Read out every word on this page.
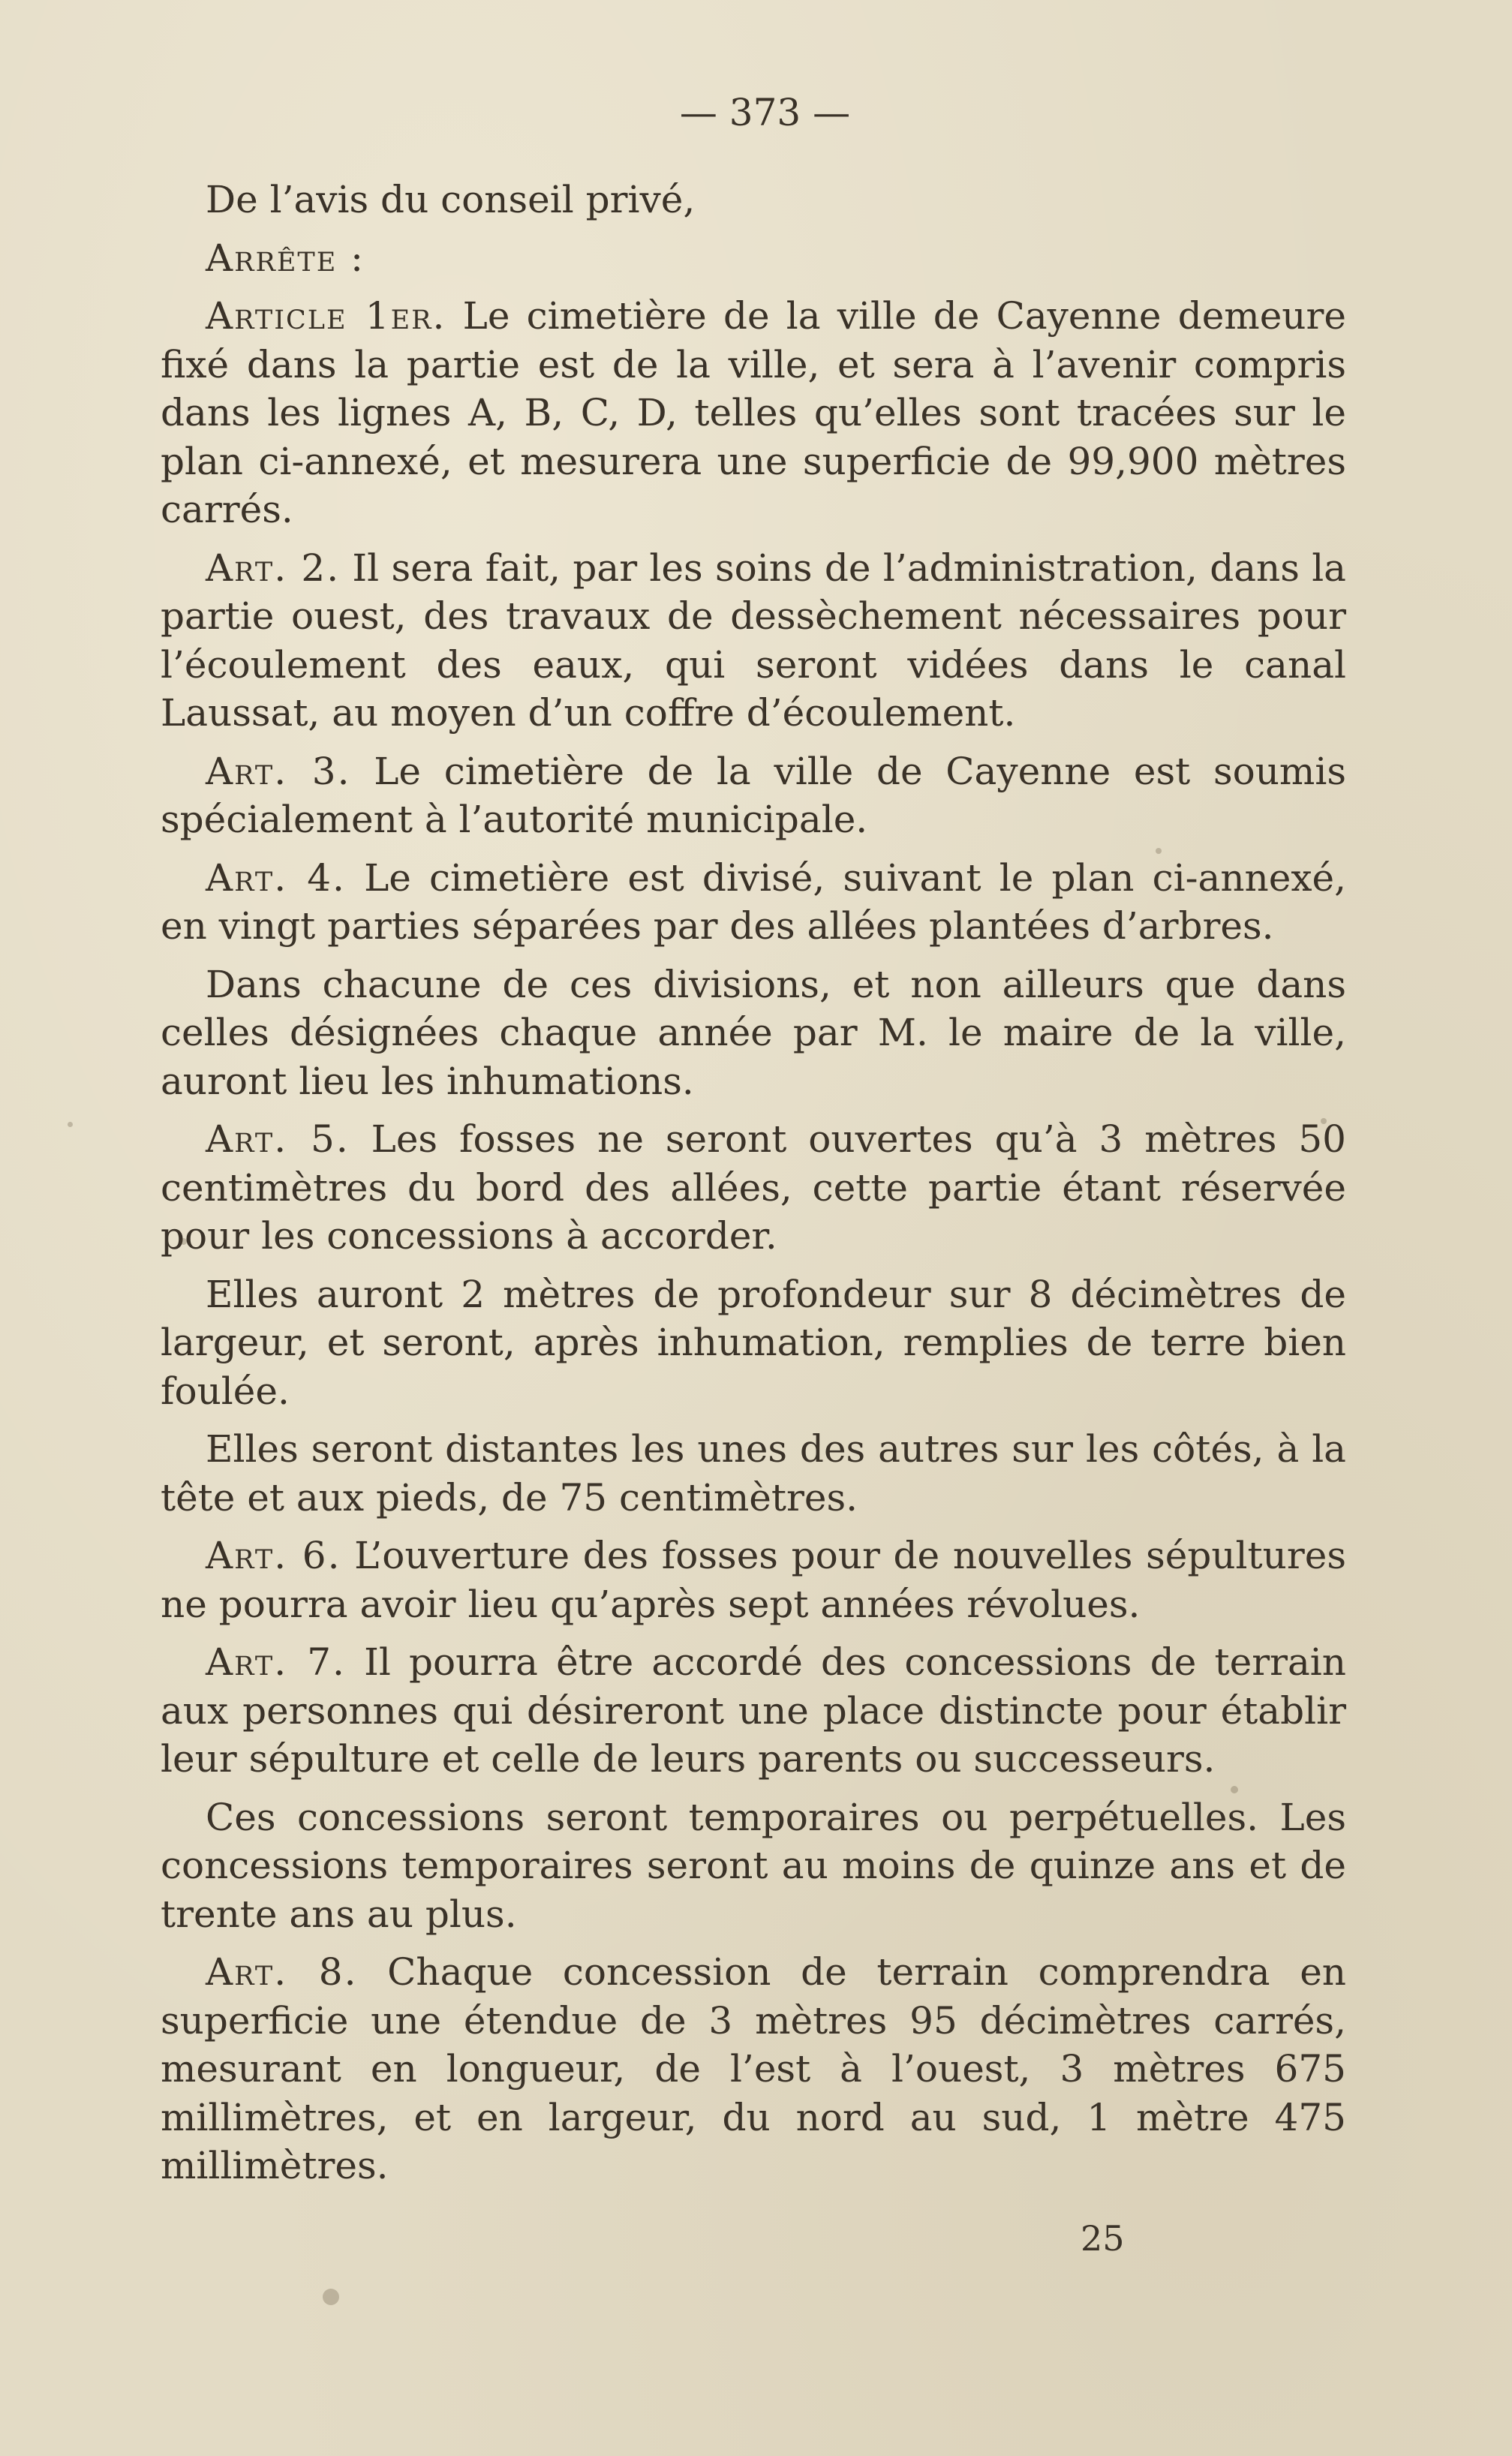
— 373 —

De l’avis du conseil privé,

Arrête :

Article 1er. Le cimetière de la ville de Cayenne demeure fixé dans la partie est de la ville, et sera à l’avenir compris dans les lignes A, B, C, D, telles qu’elles sont tracées sur le plan ci-annexé, et mesurera une superficie de 99,900 mètres carrés.

Art. 2. Il sera fait, par les soins de l’administration, dans la partie ouest, des travaux de dessèchement nécessaires pour l’écoulement des eaux, qui seront vidées dans le canal Laussat, au moyen d’un coffre d’écoulement.

Art. 3. Le cimetière de la ville de Cayenne est soumis spécialement à l’autorité municipale.

Art. 4. Le cimetière est divisé, suivant le plan ci-annexé, en vingt parties séparées par des allées plantées d’arbres.

Dans chacune de ces divisions, et non ailleurs que dans celles désignées chaque année par M. le maire de la ville, auront lieu les inhumations.

Art. 5. Les fosses ne seront ouvertes qu’à 3 mètres 50 centimètres du bord des allées, cette partie étant réservée pour les concessions à accorder.

Elles auront 2 mètres de profondeur sur 8 décimètres de largeur, et seront, après inhumation, remplies de terre bien foulée.

Elles seront distantes les unes des autres sur les côtés, à la tête et aux pieds, de 75 centimètres.

Art. 6. L’ouverture des fosses pour de nouvelles sépultures ne pourra avoir lieu qu’après sept années révolues.

Art. 7. Il pourra être accordé des concessions de terrain aux personnes qui désireront une place distincte pour établir leur sépulture et celle de leurs parents ou successeurs.

Ces concessions seront temporaires ou perpétuelles. Les concessions temporaires seront au moins de quinze ans et de trente ans au plus.

Art. 8. Chaque concession de terrain comprendra en superficie une étendue de 3 mètres 95 décimètres carrés, mesurant en longueur, de l’est à l’ouest, 3 mètres 675 millimètres, et en largeur, du nord au sud, 1 mètre 475 millimètres.

25
